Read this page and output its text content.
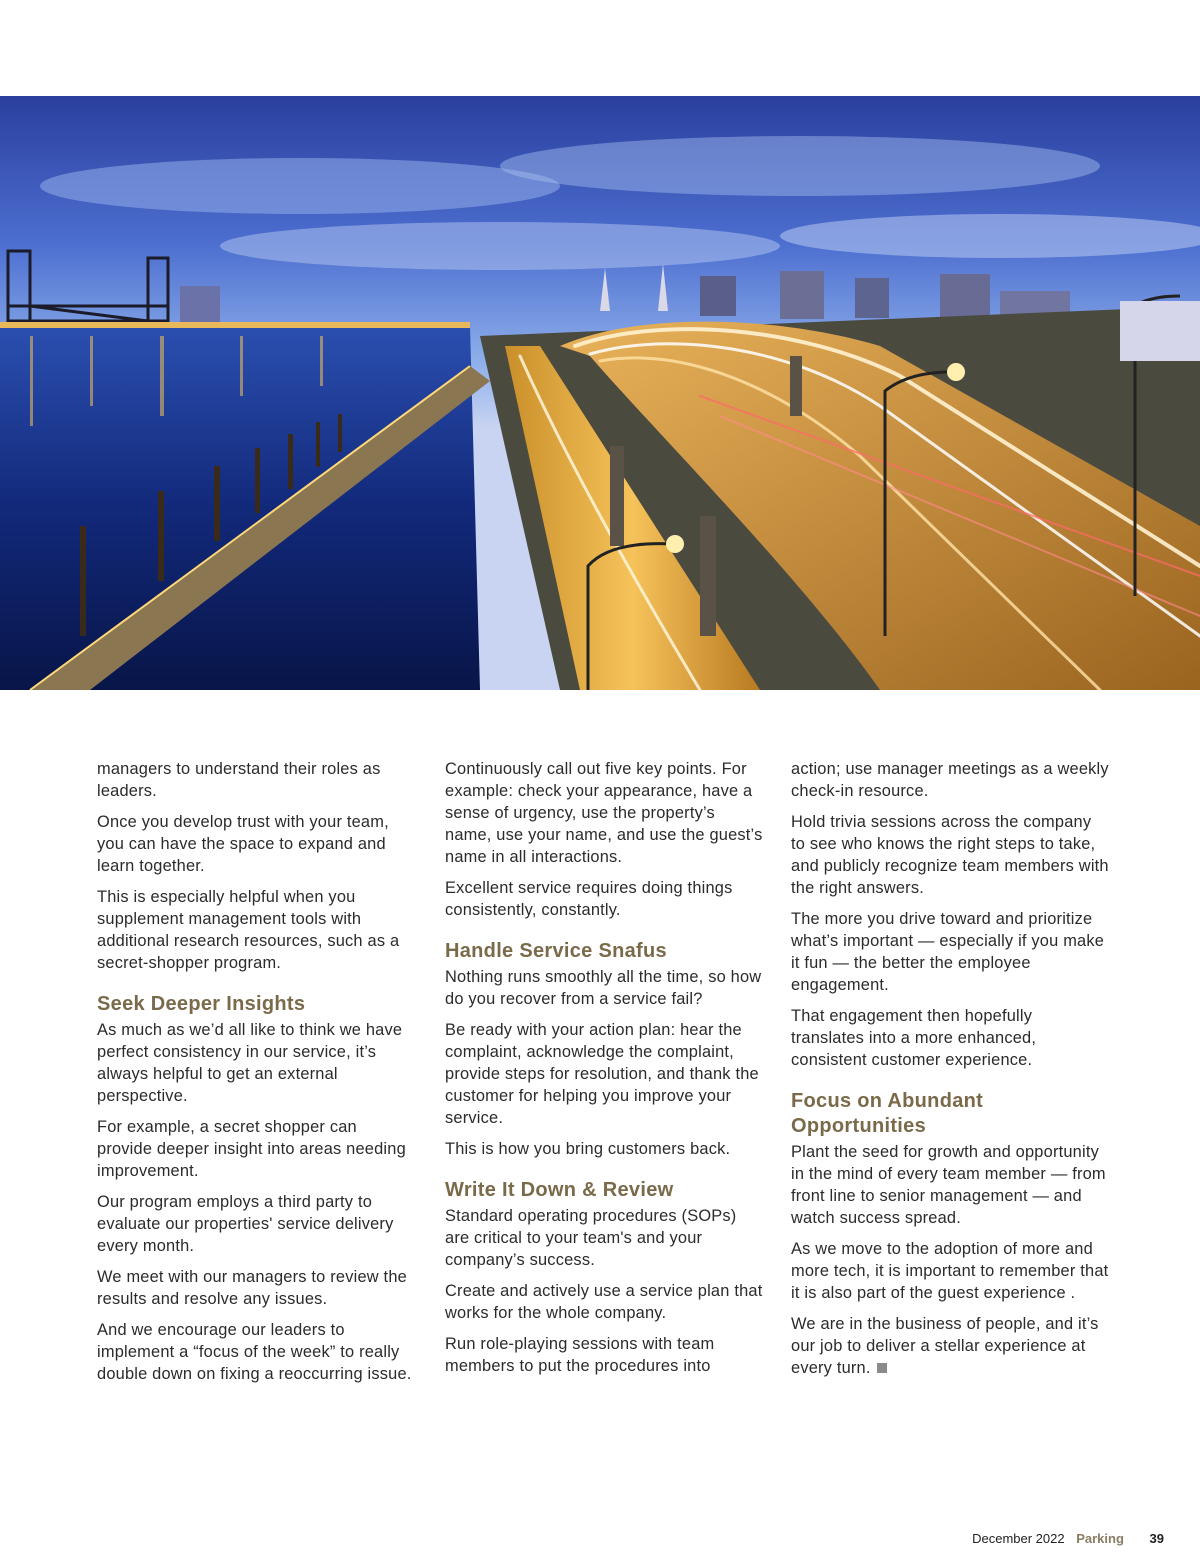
managers to understand their roles as leaders.

Once you develop trust with your team, you can have the space to expand and learn together.

This is especially helpful when you supplement management tools with additional research resources, such as a secret-shopper program.

Seek Deeper Insights

As much as we’d all like to think we have perfect consistency in our service, it’s always helpful to get an external perspective.

For example, a secret shopper can provide deeper insight into areas needing improvement.

Our program employs a third party to evaluate our properties' service delivery every month.

We meet with our managers to review the results and resolve any issues.

And we encourage our leaders to implement a “focus of the week” to really double down on fixing a reoccurring issue.

Continuously call out five key points. For example: check your appearance, have a sense of urgency, use the property’s name, use your name, and use the guest’s name in all interactions.

Excellent service requires doing things consistently, constantly.

Handle Service Snafus

Nothing runs smoothly all the time, so how do you recover from a service fail?

Be ready with your action plan: hear the complaint, acknowledge the complaint, provide steps for resolution, and thank the customer for helping you improve your service.

This is how you bring customers back.

Write It Down & Review

Standard operating procedures (SOPs) are critical to your team's and your company’s success.

Create and actively use a service plan that works for the whole company.

Run role-playing sessions with team members to put the procedures into

action; use manager meetings as a weekly check-in resource.

Hold trivia sessions across the company to see who knows the right steps to take, and publicly recognize team members with the right answers.

The more you drive toward and prioritize what’s important — especially if you make it fun — the better the employee engagement.

That engagement then hopefully translates into a more enhanced, consistent customer experience.

Focus on Abundant Opportunities

Plant the seed for growth and opportunity in the mind of every team member — from front line to senior management — and watch success spread.

As we move to the adoption of more and more tech, it is important to remember that it is also part of the guest experience .

We are in the business of people, and it’s our job to deliver a stellar experience at every turn.

December 2022 Parking 39
